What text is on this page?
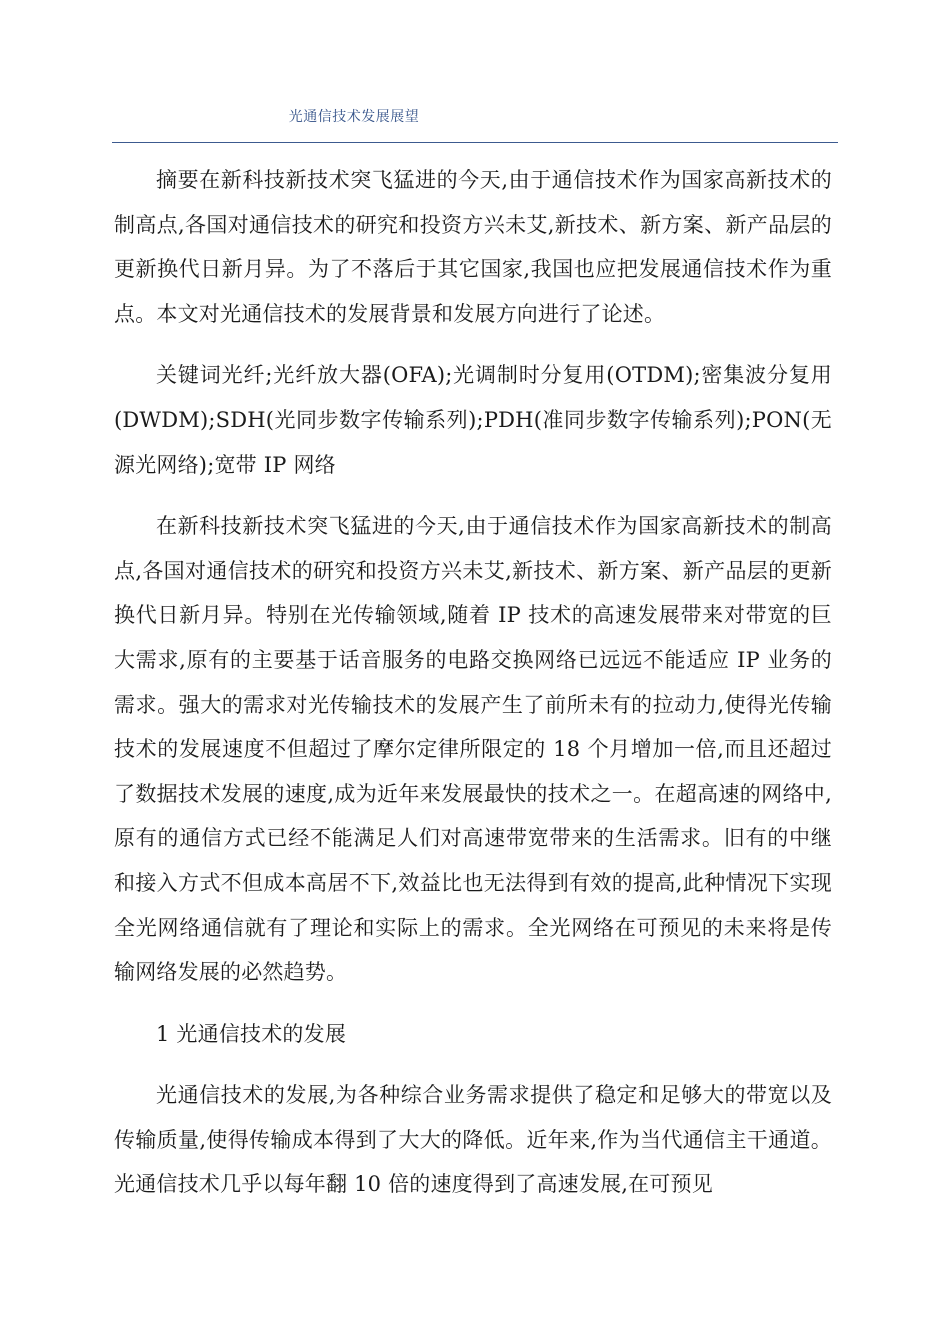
光通信技术发展展望

摘要在新科技新技术突飞猛进的今天,由于通信技术作为国家高新技术的制高点,各国对通信技术的研究和投资方兴未艾,新技术、新方案、新产品层的更新换代日新月异。为了不落后于其它国家,我国也应把发展通信技术作为重点。本文对光通信技术的发展背景和发展方向进行了论述。

关键词光纤;光纤放大器(OFA);光调制时分复用(OTDM);密集波分复用(DWDM);SDH(光同步数字传输系列);PDH(准同步数字传输系列);PON(无源光网络);宽带 IP 网络

在新科技新技术突飞猛进的今天,由于通信技术作为国家高新技术的制高点,各国对通信技术的研究和投资方兴未艾,新技术、新方案、新产品层的更新换代日新月异。特别在光传输领域,随着 IP 技术的高速发展带来对带宽的巨大需求,原有的主要基于话音服务的电路交换网络已远远不能适应 IP 业务的需求。强大的需求对光传输技术的发展产生了前所未有的拉动力,使得光传输技术的发展速度不但超过了摩尔定律所限定的 18 个月增加一倍,而且还超过了数据技术发展的速度,成为近年来发展最快的技术之一。在超高速的网络中,原有的通信方式已经不能满足人们对高速带宽带来的生活需求。旧有的中继和接入方式不但成本高居不下,效益比也无法得到有效的提高,此种情况下实现全光网络通信就有了理论和实际上的需求。全光网络在可预见的未来将是传输网络发展的必然趋势。

1 光通信技术的发展

光通信技术的发展,为各种综合业务需求提供了稳定和足够大的带宽以及传输质量,使得传输成本得到了大大的降低。近年来,作为当代通信主干通道。光通信技术几乎以每年翻 10 倍的速度得到了高速发展,在可预见
